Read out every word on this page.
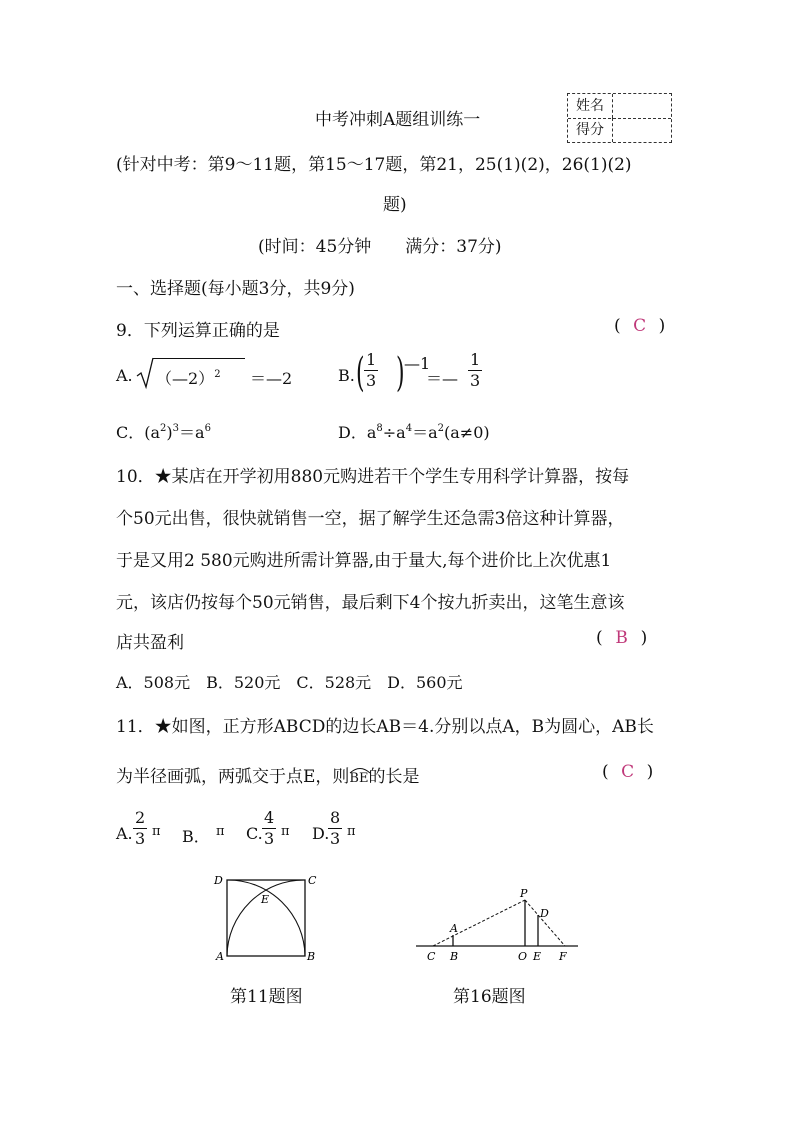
中考冲刺A题组训练一
姓名
得分
(针对中考：第9～11题，第15～17题，第21，25(1)(2)，26(1)(2)
题)
(时间：45分钟　　满分：37分)
一、选择题(每小题3分，共9分)
9．下列运算正确的是	( C )
A. （—2）$^2$ ＝—2	B. ( $\frac{1}{3}$ ) —1
＝— $\frac{1}{3}$
C．$(a^2)^3=a^6$	D．$a^8\div a^4=a^2(a\ne 0)$
10．★某店在开学初用880元购进若干个学生专用科学计算器，按每
个50元出售，很快就销售一空，据了解学生还急需3倍这种计算器，
于是又用2 580元购进所需计算器,由于量大,每个进价比上次优惠1
元，该店仍按每个50元销售，最后剩下4个按九折卖出，这笔生意该
店共盈利	( B )
A．508元　B．520元　C．528元　D．560元
11．★如图，正方形ABCD的边长AB＝4.分别以点A，B为圆心，AB长
为半径画弧，两弧交于点E，则
BE的长是	( C )
A. $\frac{2}{3}$ π B． π C. $\frac{4}{3}$ π D.
$\frac{8}{3}$ π
D	C
A	B
E
第11题图
P
A
D
C B	O E F
第16题图
